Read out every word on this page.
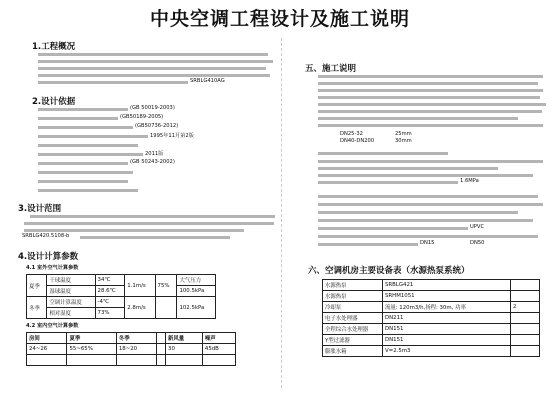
中央空调工程设计及施工说明
1.工程概况
SRBLG410AG
2.设计依据
(GB 50019-2003)
(GB50189-2005)
(GB50736-2012)
1995年11月第2版
2011版
(GB 50243-2002)
3.设计范围
SRBLG420.5108-b
4.设计计算参数
4.1 室外空气计算参数
夏季	干球温度	34℃	1.1m/s	75%	大气压力
	湿球温度	28.6℃			100.5kPa
冬季	空调计算温度	-4℃	2.8m/s		102.5kPa
	相对湿度	73%			
4.2 室内空气计算参数
房间	夏季	冬季		新风量	噪声
24~26	55~65%	18~20		30	45dB

五、施工说明
DN25-32	25mm
DN40-DN200	30mm
1.6MPa
UPVC
DN15	DN50
六、空调机房主要设备表（水源热泵系统）
水源热泵	SRBLG421	
水源热泵	SRHM1051	
冷却泵	流量: 120m3/h,扬程: 30m, 功率	2
电子水处理器	DN211	
全程综合水处理器	DN151	
Y型过滤器	DN151	
膨胀水箱	V=2.5m3	
